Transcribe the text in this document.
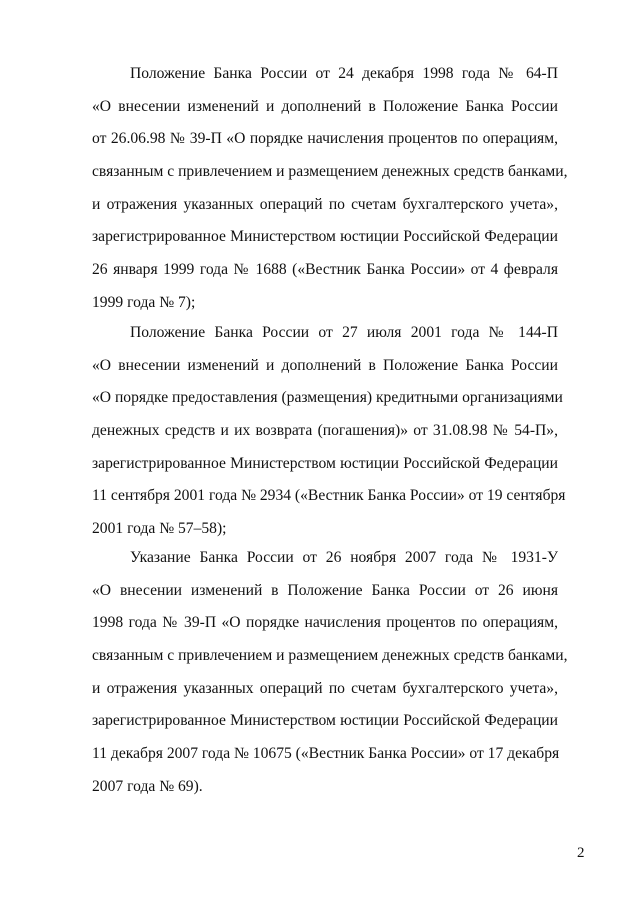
Положение Банка России от 24 декабря 1998 года № 64-П
«О внесении изменений и дополнений в Положение Банка России
от 26.06.98 № 39-П «О порядке начисления процентов по операциям,
связанным с привлечением и размещением денежных средств банками,
и отражения указанных операций по счетам бухгалтерского учета»,
зарегистрированное Министерством юстиции Российской Федерации
26 января 1999 года № 1688 («Вестник Банка России» от 4 февраля
1999 года № 7);
Положение Банка России от 27 июля 2001 года № 144-П
«О внесении изменений и дополнений в Положение Банка России
«О порядке предоставления (размещения) кредитными организациями
денежных средств и их возврата (погашения)» от 31.08.98 № 54-П»,
зарегистрированное Министерством юстиции Российской Федерации
11 сентября 2001 года № 2934 («Вестник Банка России» от 19 сентября
2001 года № 57–58);
Указание Банка России от 26 ноября 2007 года № 1931-У
«О внесении изменений в Положение Банка России от 26 июня
1998 года № 39-П «О порядке начисления процентов по операциям,
связанным с привлечением и размещением денежных средств банками,
и отражения указанных операций по счетам бухгалтерского учета»,
зарегистрированное Министерством юстиции Российской Федерации
11 декабря 2007 года № 10675 («Вестник Банка России» от 17 декабря
2007 года № 69).
2
